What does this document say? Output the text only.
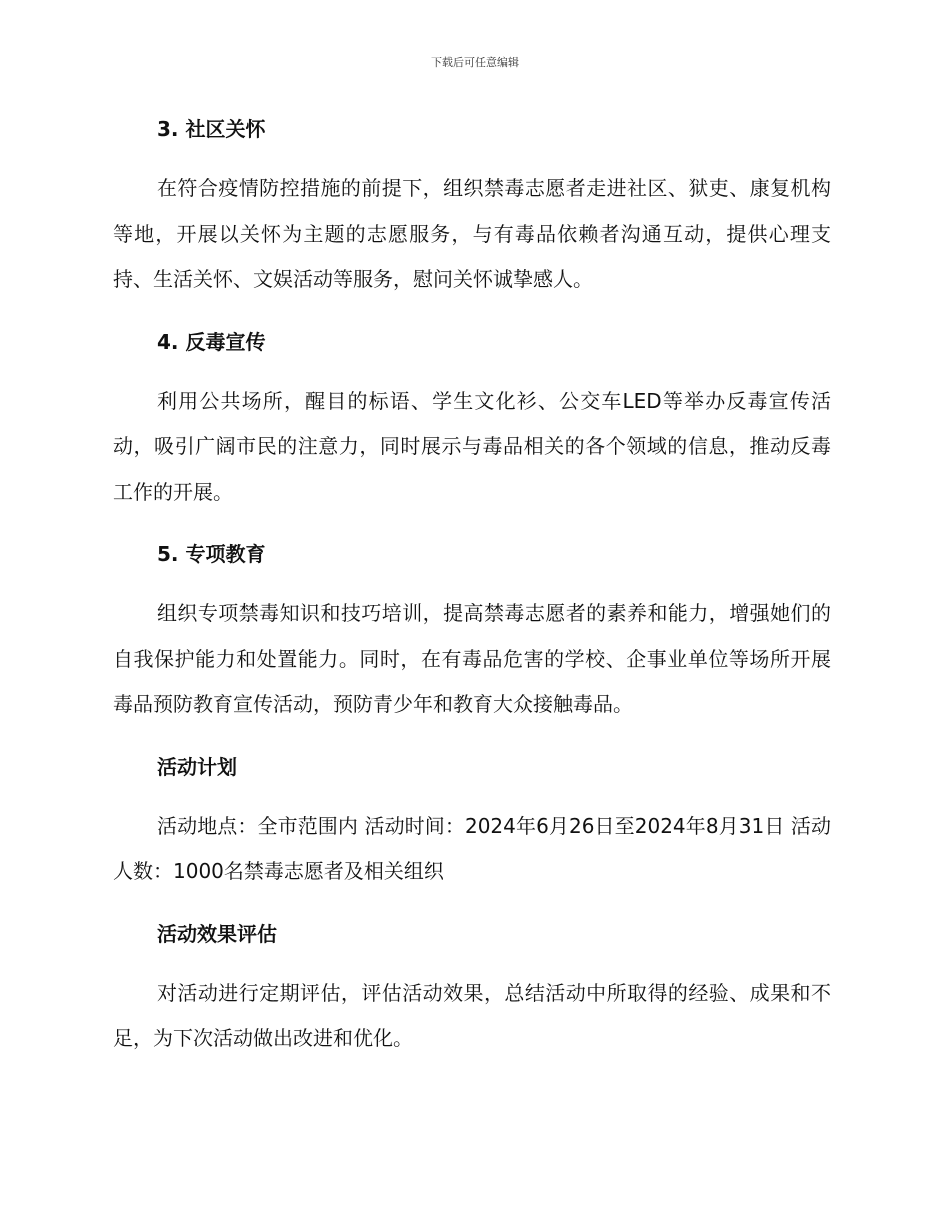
下载后可任意编辑
3. 社区关怀

在符合疫情防控措施的前提下，组织禁毒志愿者走进社区、狱吏、康复机构等地，开展以关怀为主题的志愿服务，与有毒品依赖者沟通互动，提供心理支持、生活关怀、文娱活动等服务，慰问关怀诚挚感人。

4. 反毒宣传

利用公共场所，醒目的标语、学生文化衫、公交车LED等举办反毒宣传活动，吸引广阔市民的注意力，同时展示与毒品相关的各个领域的信息，推动反毒工作的开展。

5. 专项教育

组织专项禁毒知识和技巧培训，提高禁毒志愿者的素养和能力，增强她们的自我保护能力和处置能力。同时，在有毒品危害的学校、企事业单位等场所开展毒品预防教育宣传活动，预防青少年和教育大众接触毒品。

活动计划

活动地点：全市范围内 活动时间：2024年6月26日至2024年8月31日 活动人数：1000名禁毒志愿者及相关组织

活动效果评估

对活动进行定期评估，评估活动效果，总结活动中所取得的经验、成果和不足，为下次活动做出改进和优化。
